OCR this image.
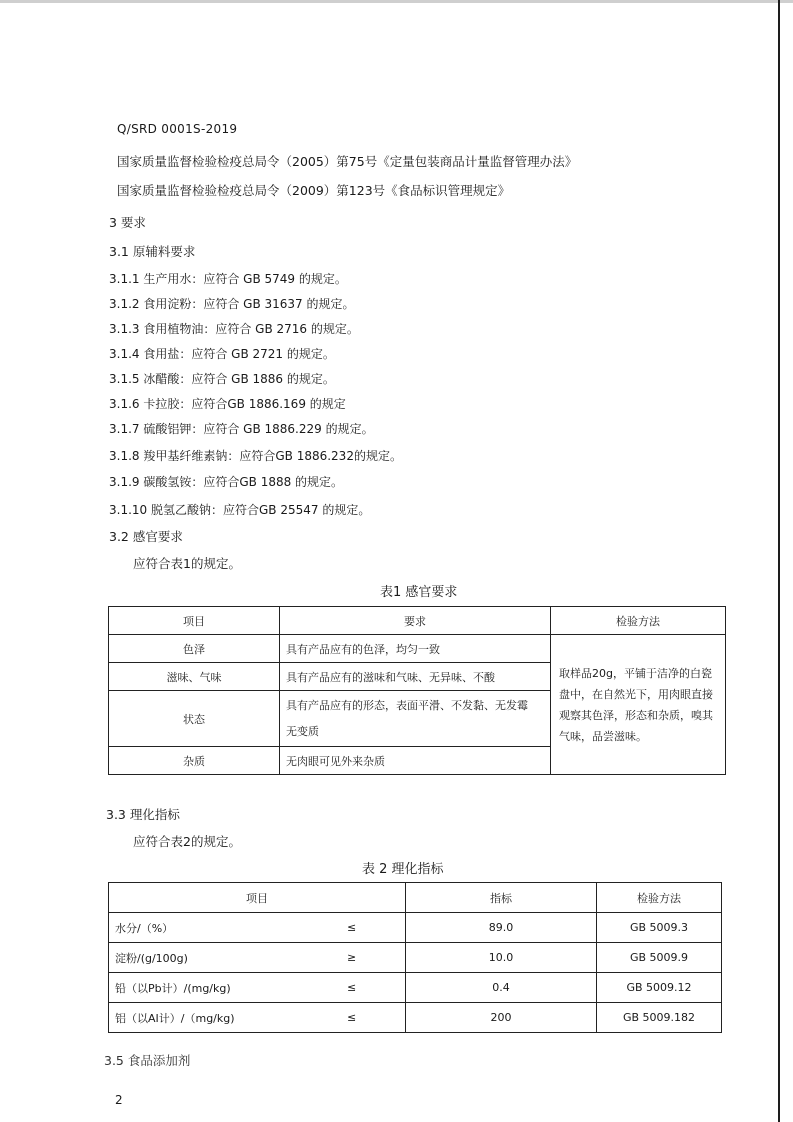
Q/SRD 0001S-2019
国家质量监督检验检疫总局令（2005）第75号《定量包装商品计量监督管理办法》
国家质量监督检验检疫总局令（2009）第123号《食品标识管理规定》
3 要求
3.1 原辅料要求
3.1.1 生产用水：应符合 GB 5749 的规定。
3.1.2 食用淀粉：应符合 GB 31637 的规定。
3.1.3 食用植物油：应符合 GB 2716 的规定。
3.1.4 食用盐：应符合 GB 2721 的规定。
3.1.5 冰醋酸：应符合 GB 1886 的规定。
3.1.6 卡拉胶：应符合GB 1886.169 的规定
3.1.7 硫酸铝钾：应符合 GB 1886.229 的规定。
3.1.8 羧甲基纤维素钠：应符合GB 1886.232的规定。
3.1.9 碳酸氢铵：应符合GB 1888 的规定。
3.1.10 脱氢乙酸钠：应符合GB 25547 的规定。
3.2 感官要求
应符合表1的规定。
表1 感官要求
项目	要求	检验方法
色泽	具有产品应有的色泽，均匀一致	取样品20g，平铺于洁净的白瓷
盘中，在自然光下，用肉眼直接
观察其色泽，形态和杂质，嗅其
气味，品尝滋味。

滋味、气味	具有产品应有的滋味和气味、无异味、不酸	
状态	具有产品应有的形态，表面平滑、不发黏、无发霉
无变质	

杂质	无肉眼可见外来杂质	
3.3 理化指标
应符合表2的规定。
表 2 理化指标
项目		指标	检验方法
水分/（%）	≤	89.0	GB 5009.3
淀粉/(g/100g)	≥	10.0	GB 5009.9
铅（以Pb计）/(mg/kg)	≤	0.4	GB 5009.12
铝（以AI计）/（mg/kg)	≤	200	GB 5009.182
3.5 食品添加剂
2
